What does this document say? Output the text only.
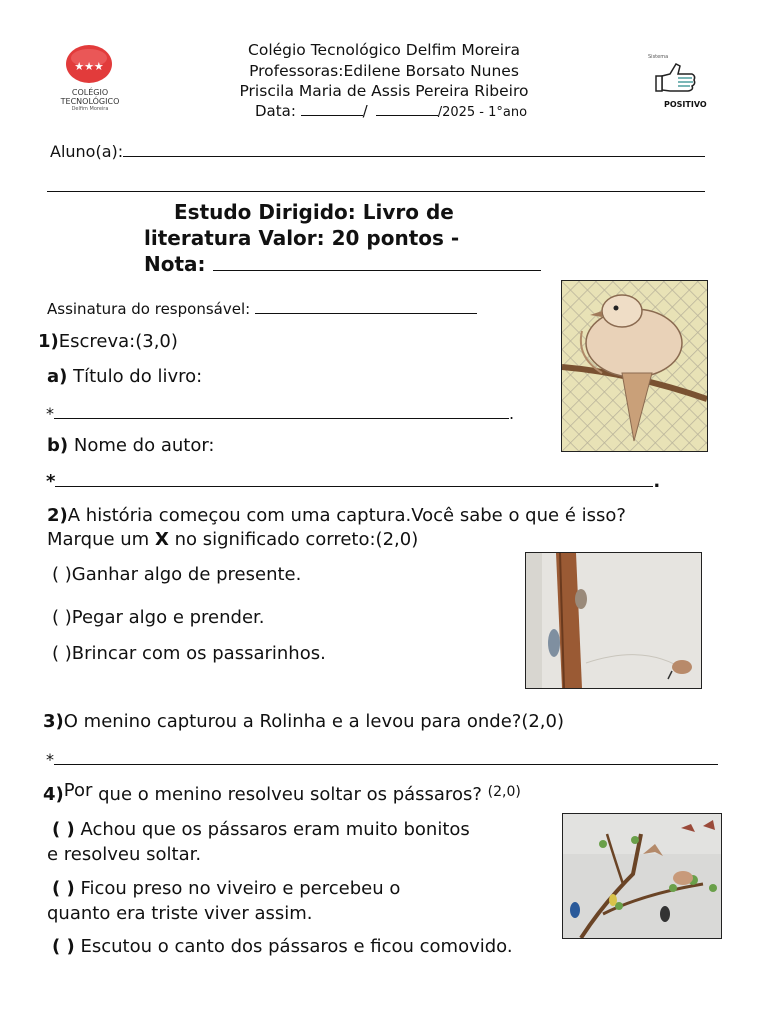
★★★
COLÉGIO
TECNOLÓGICO
Delfim Moreira
Colégio Tecnológico Delfim Moreira
Professoras:Edilene Borsato Nunes
Priscila Maria de Assis Pereira Ribeiro
Data:	/	/2025 - 1°ano
Sistema
POSITIVO
Aluno(a):
Estudo Dirigido: Livro de
literatura Valor: 20 pontos -
Nota:
Assinatura do responsável:
1)Escreva:(3,0)
a) Título do livro:
*	.
b) Nome do autor:
*	.
2)A história começou com uma captura.Você sabe o que é isso?
Marque um X no significado correto:(2,0)
( )Ganhar algo de presente.
( )Pegar algo e prender.
( )Brincar com os passarinhos.
3)O menino capturou a Rolinha e a levou para onde?(2,0)
*
4)Por que o menino resolveu soltar os pássaros? (2,0)
( ) Achou que os pássaros eram muito bonitos
e resolveu soltar.
( ) Ficou preso no viveiro e percebeu o
quanto era triste viver assim.
( ) Escutou o canto dos pássaros e ficou comovido.
